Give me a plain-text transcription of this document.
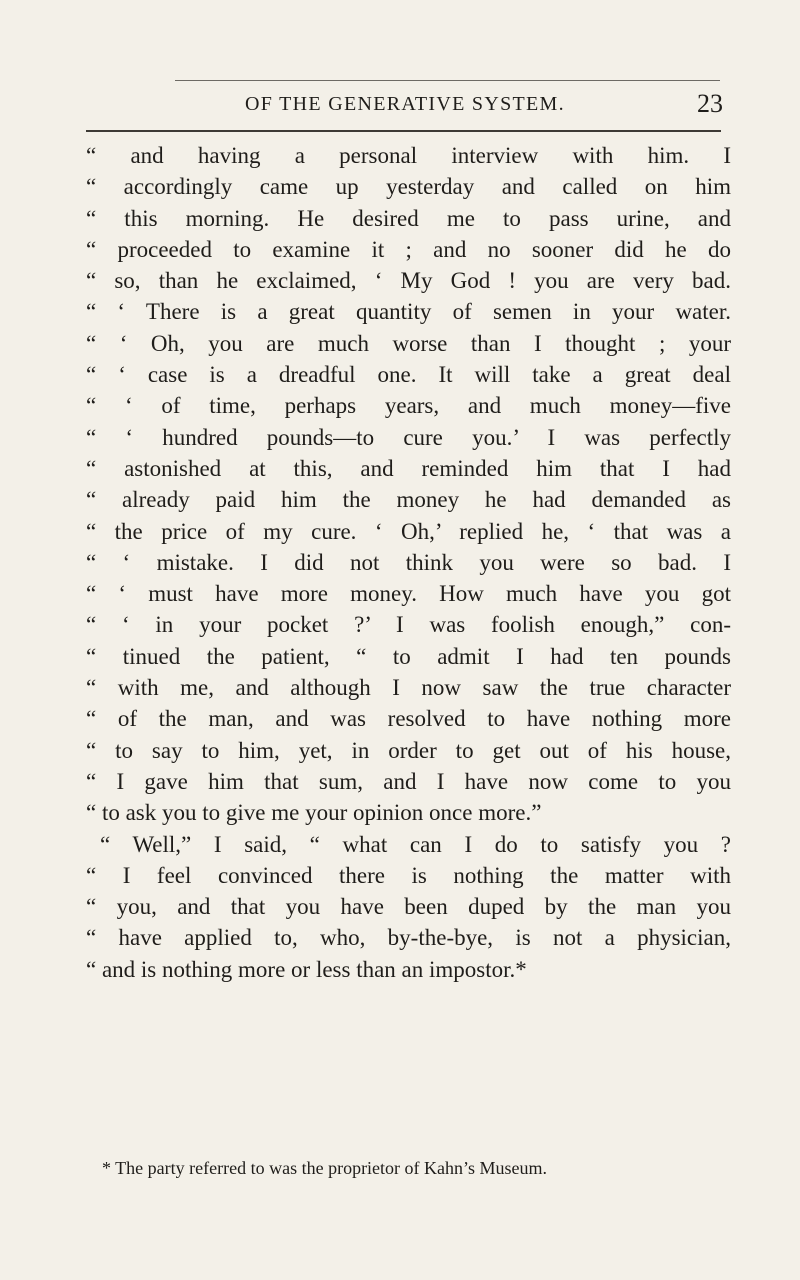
OF THE GENERATIVE SYSTEM.	23
“ and having a personal interview with him. I
“ accordingly came up yesterday and called on him
“ this morning. He desired me to pass urine, and
“ proceeded to examine it ; and no sooner did he do
“ so, than he exclaimed, ‘ My God ! you are very bad.
“ ‘ There is a great quantity of semen in your water.
“ ‘ Oh, you are much worse than I thought ; your
“ ‘ case is a dreadful one. It will take a great deal
“ ‘ of time, perhaps years, and much money—five
“ ‘ hundred pounds—to cure you.’ I was perfectly
“ astonished at this, and reminded him that I had
“ already paid him the money he had demanded as
“ the price of my cure. ‘ Oh,’ replied he, ‘ that was a
“ ‘ mistake. I did not think you were so bad. I
“ ‘ must have more money. How much have you got
“ ‘ in your pocket ?’ I was foolish enough,” con-
“ tinued the patient, “ to admit I had ten pounds
“ with me, and although I now saw the true character
“ of the man, and was resolved to have nothing more
“ to say to him, yet, in order to get out of his house,
“ I gave him that sum, and I have now come to you
“ to ask you to give me your opinion once more.”
“ Well,” I said, “ what can I do to satisfy you ?
“ I feel convinced there is nothing the matter with
“ you, and that you have been duped by the man you
“ have applied to, who, by-the-bye, is not a physician,
“ and is nothing more or less than an impostor.*
* The party referred to was the proprietor of Kahn’s Museum.
